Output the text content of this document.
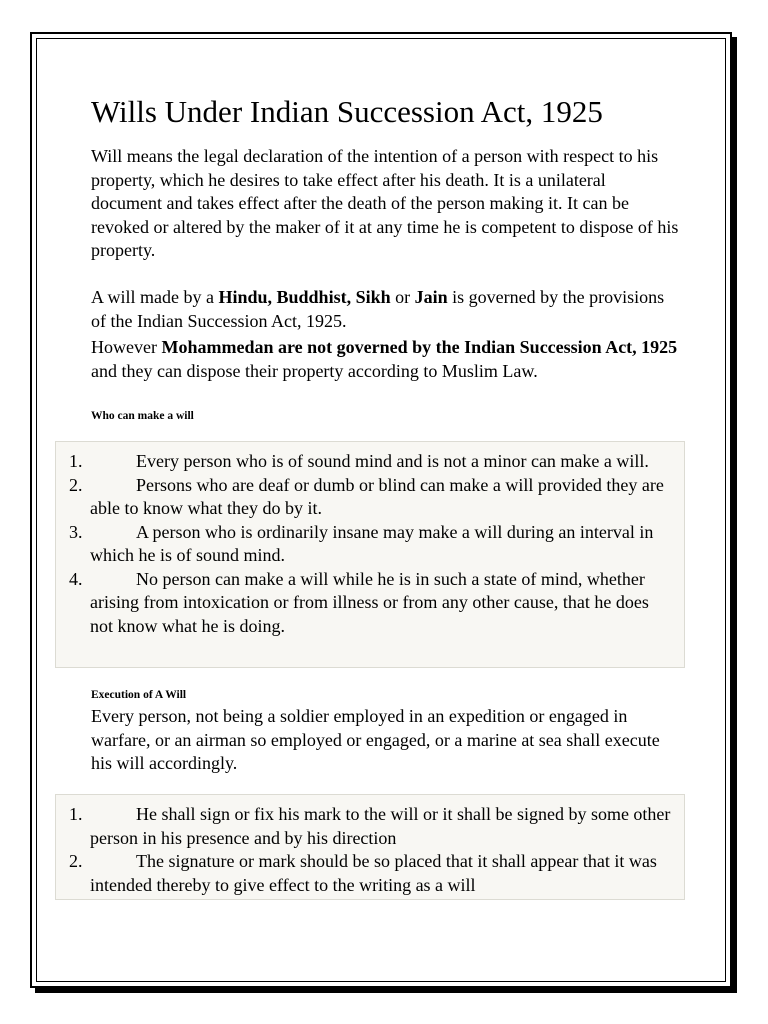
Wills Under Indian Succession Act, 1925

Will means the legal declaration of the intention of a person with respect to his property, which he desires to take effect after his death. It is a unilateral document and takes effect after the death of the person making it. It can be revoked or altered by the maker of it at any time he is competent to dispose of his property.

A will made by a Hindu, Buddhist, Sikh or Jain is governed by the provisions of the Indian Succession Act, 1925.

However Mohammedan are not governed by the Indian Succession Act, 1925 and they can dispose their property according to Muslim Law.

Who can make a will
1.	Every person who is of sound mind and is not a minor can make a will.
2.	Persons who are deaf or dumb or blind can make a will provided they are able to know what they do by it.
3.	A person who is ordinarily insane may make a will during an interval in which he is of sound mind.
4.	No person can make a will while he is in such a state of mind, whether arising from intoxication or from illness or from any other cause, that he does not know what he is doing.
Execution of A Will

Every person, not being a soldier employed in an expedition or engaged in warfare, or an airman so employed or engaged, or a marine at sea shall execute his will accordingly.

1.	He shall sign or fix his mark to the will or it shall be signed by some other person in his presence and by his direction
2.	The signature or mark should be so placed that it shall appear that it was intended thereby to give effect to the writing as a will
